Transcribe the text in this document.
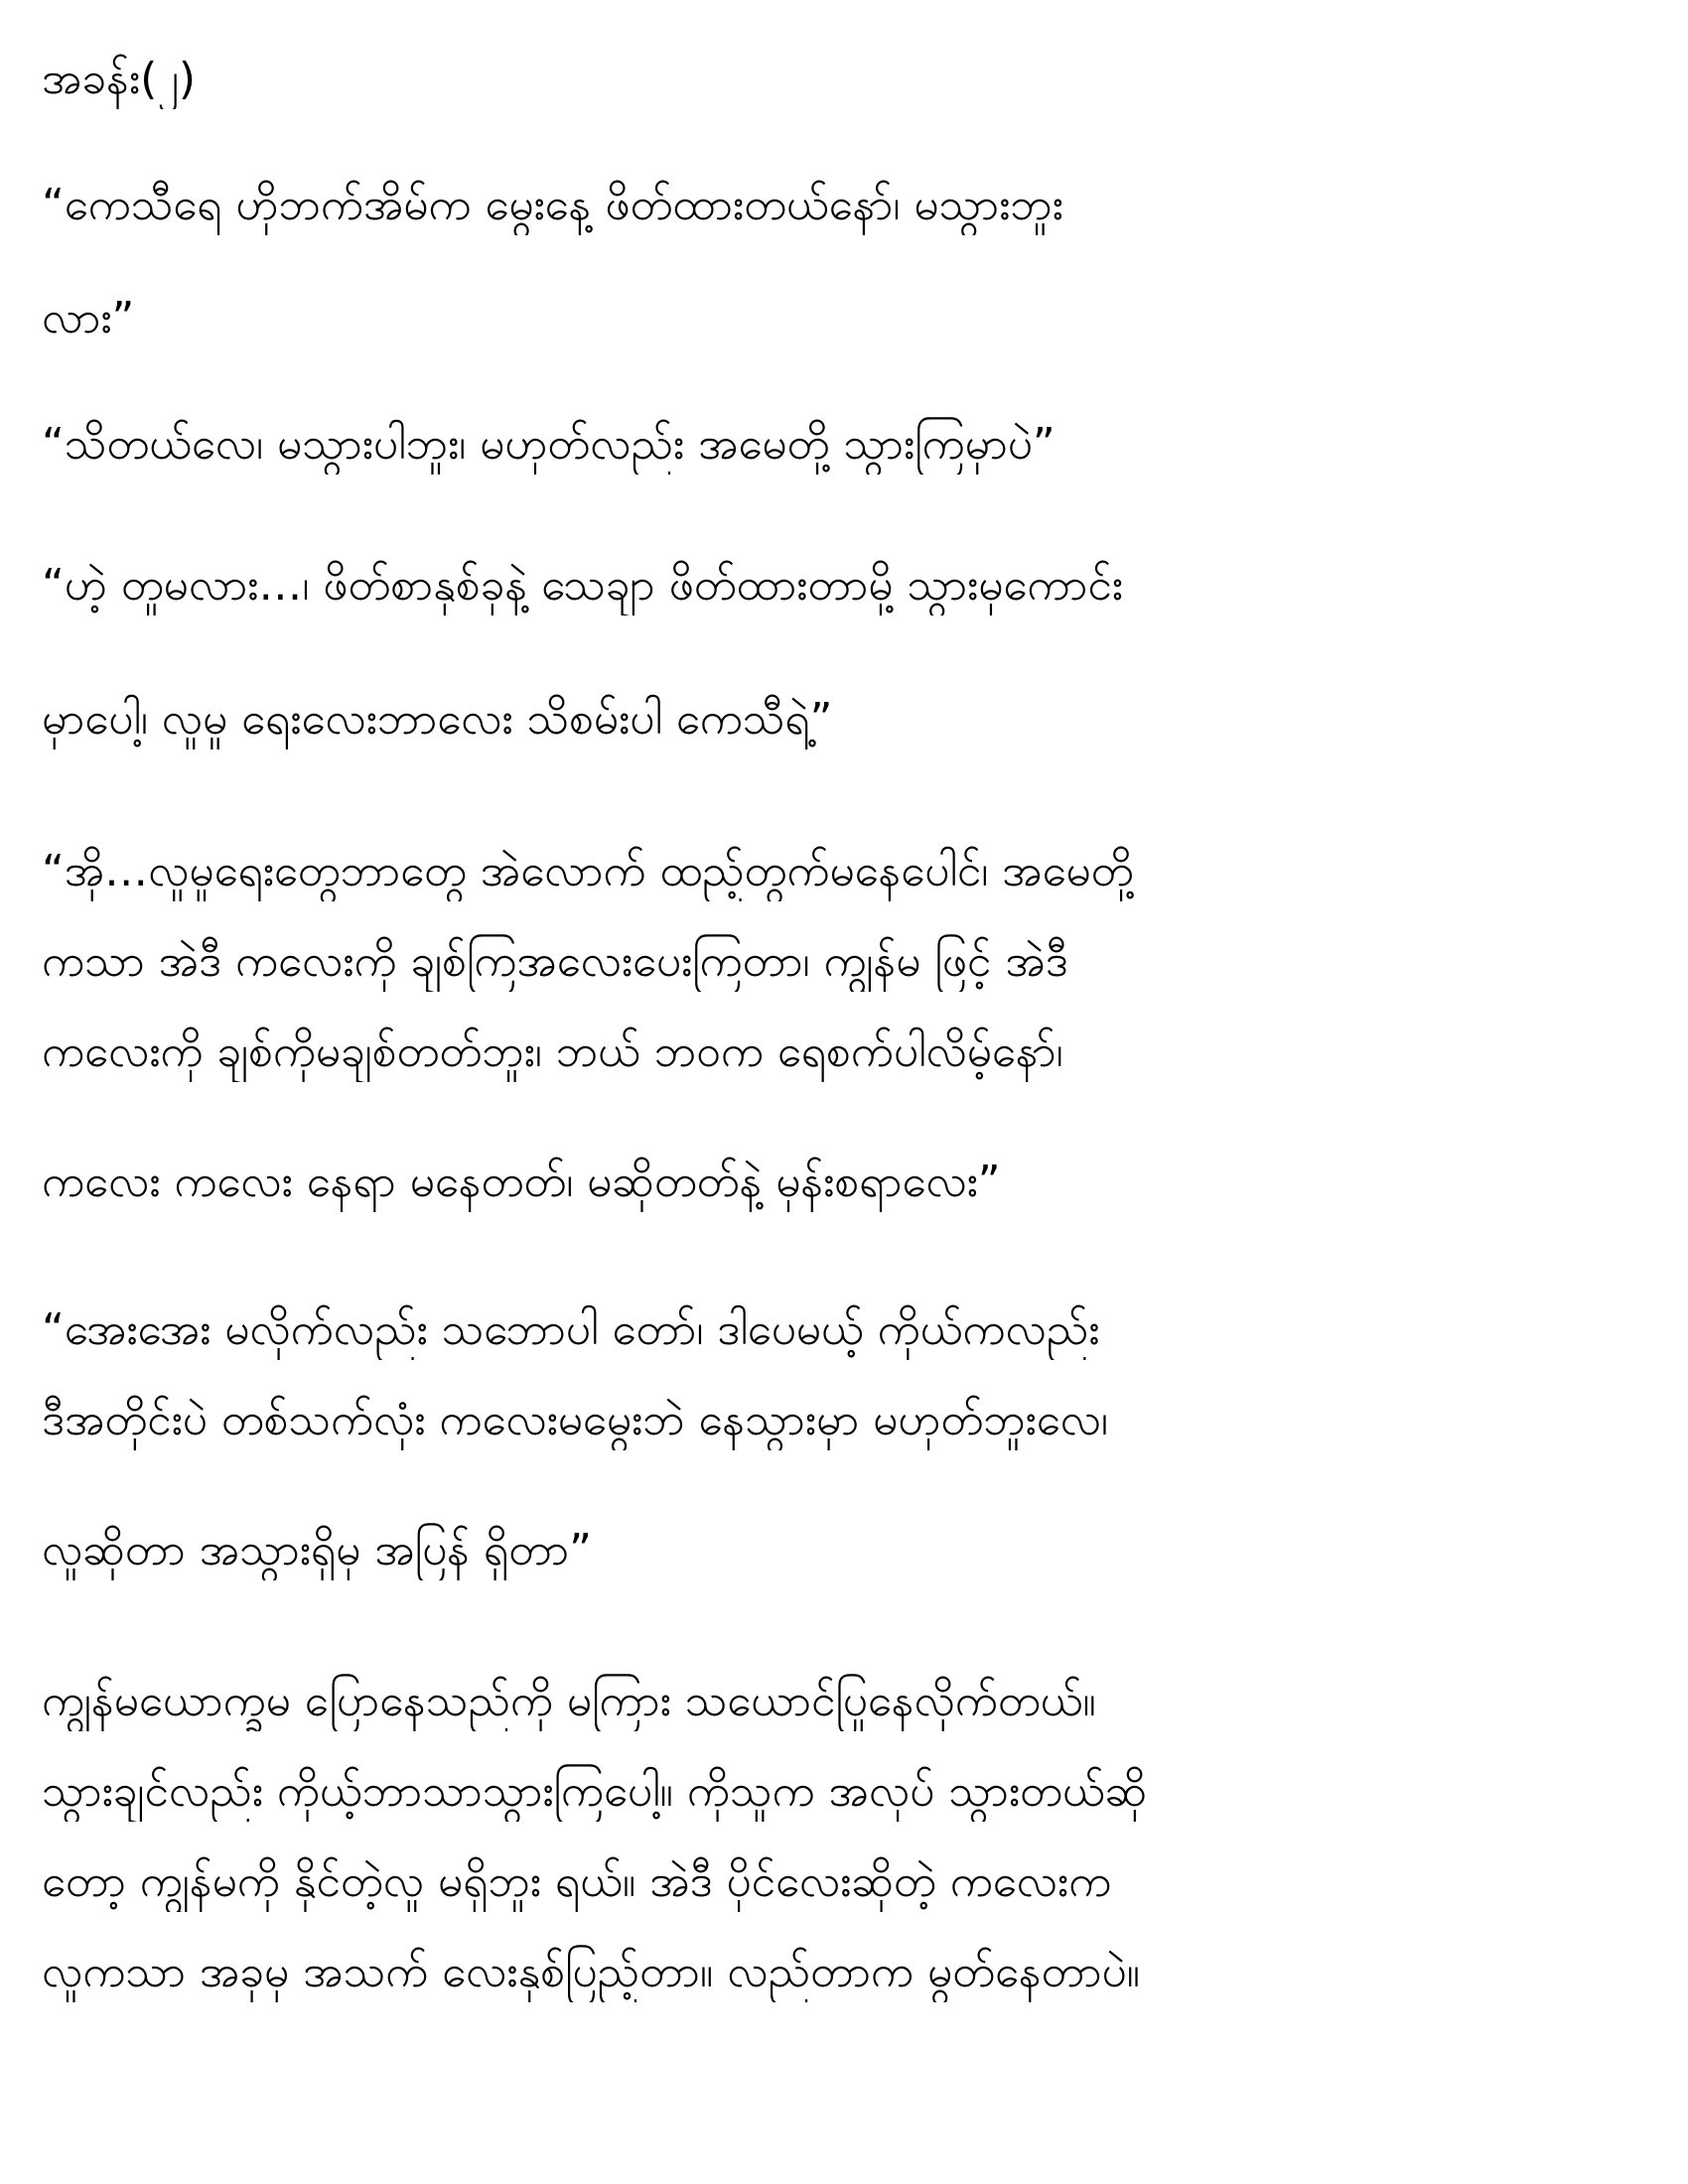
အခန်း(၂)
“ကေသီရေ ဟိုဘက်အိမ်က မွေးနေ့ ဖိတ်ထားတယ်နော်၊ မသွားဘူး
လား”
“သိတယ်လေ၊ မသွားပါဘူး၊ မဟုတ်လည်း အမေတို့ သွားကြမှာပဲ”
“ဟဲ့ တူမလား…၊ ဖိတ်စာနှစ်ခုနဲ့ သေချာ ဖိတ်ထားတာမို့ သွားမှကောင်း
မှာပေါ့၊ လူမှု ရေးလေးဘာလေး သိစမ်းပါ ကေသီရဲ့”
“အို…လူမှုရေးတွေဘာတွေ အဲလောက် ထည့်တွက်မနေပေါင်၊ အမေတို့
ကသာ အဲဒီ ကလေးကို ချစ်ကြအလေးပေးကြတာ၊ ကျွန်မ ဖြင့် အဲဒီ
ကလေးကို ချစ်ကိုမချစ်တတ်ဘူး၊ ဘယ် ဘဝက ရေစက်ပါလိမ့်နော်၊
ကလေး ကလေး နေရာ မနေတတ်၊ မဆိုတတ်နဲ့ မုန်းစရာလေး”
“အေးအေး မလိုက်လည်း သဘောပါ တော်၊ ဒါပေမယ့် ကိုယ်ကလည်း
ဒီအတိုင်းပဲ တစ်သက်လုံး ကလေးမမွေးဘဲ နေသွားမှာ မဟုတ်ဘူးလေ၊
လူဆိုတာ အသွားရှိမှ အပြန် ရှိတာ”
ကျွန်မယောက္ခမ ပြောနေသည်ကို မကြား သယောင်ပြုနေလိုက်တယ်။
သွားချင်လည်း ကိုယ့်ဘာသာသွားကြပေါ့။ ကိုသူက အလုပ် သွားတယ်ဆို
တော့ ကျွန်မကို နိုင်တဲ့လူ မရှိဘူး ရယ်။ အဲဒီ ပိုင်လေးဆိုတဲ့ ကလေးက
လူကသာ အခုမှ အသက် လေးနှစ်ပြည့်တာ။ လည်တာက မွတ်နေတာပဲ။
